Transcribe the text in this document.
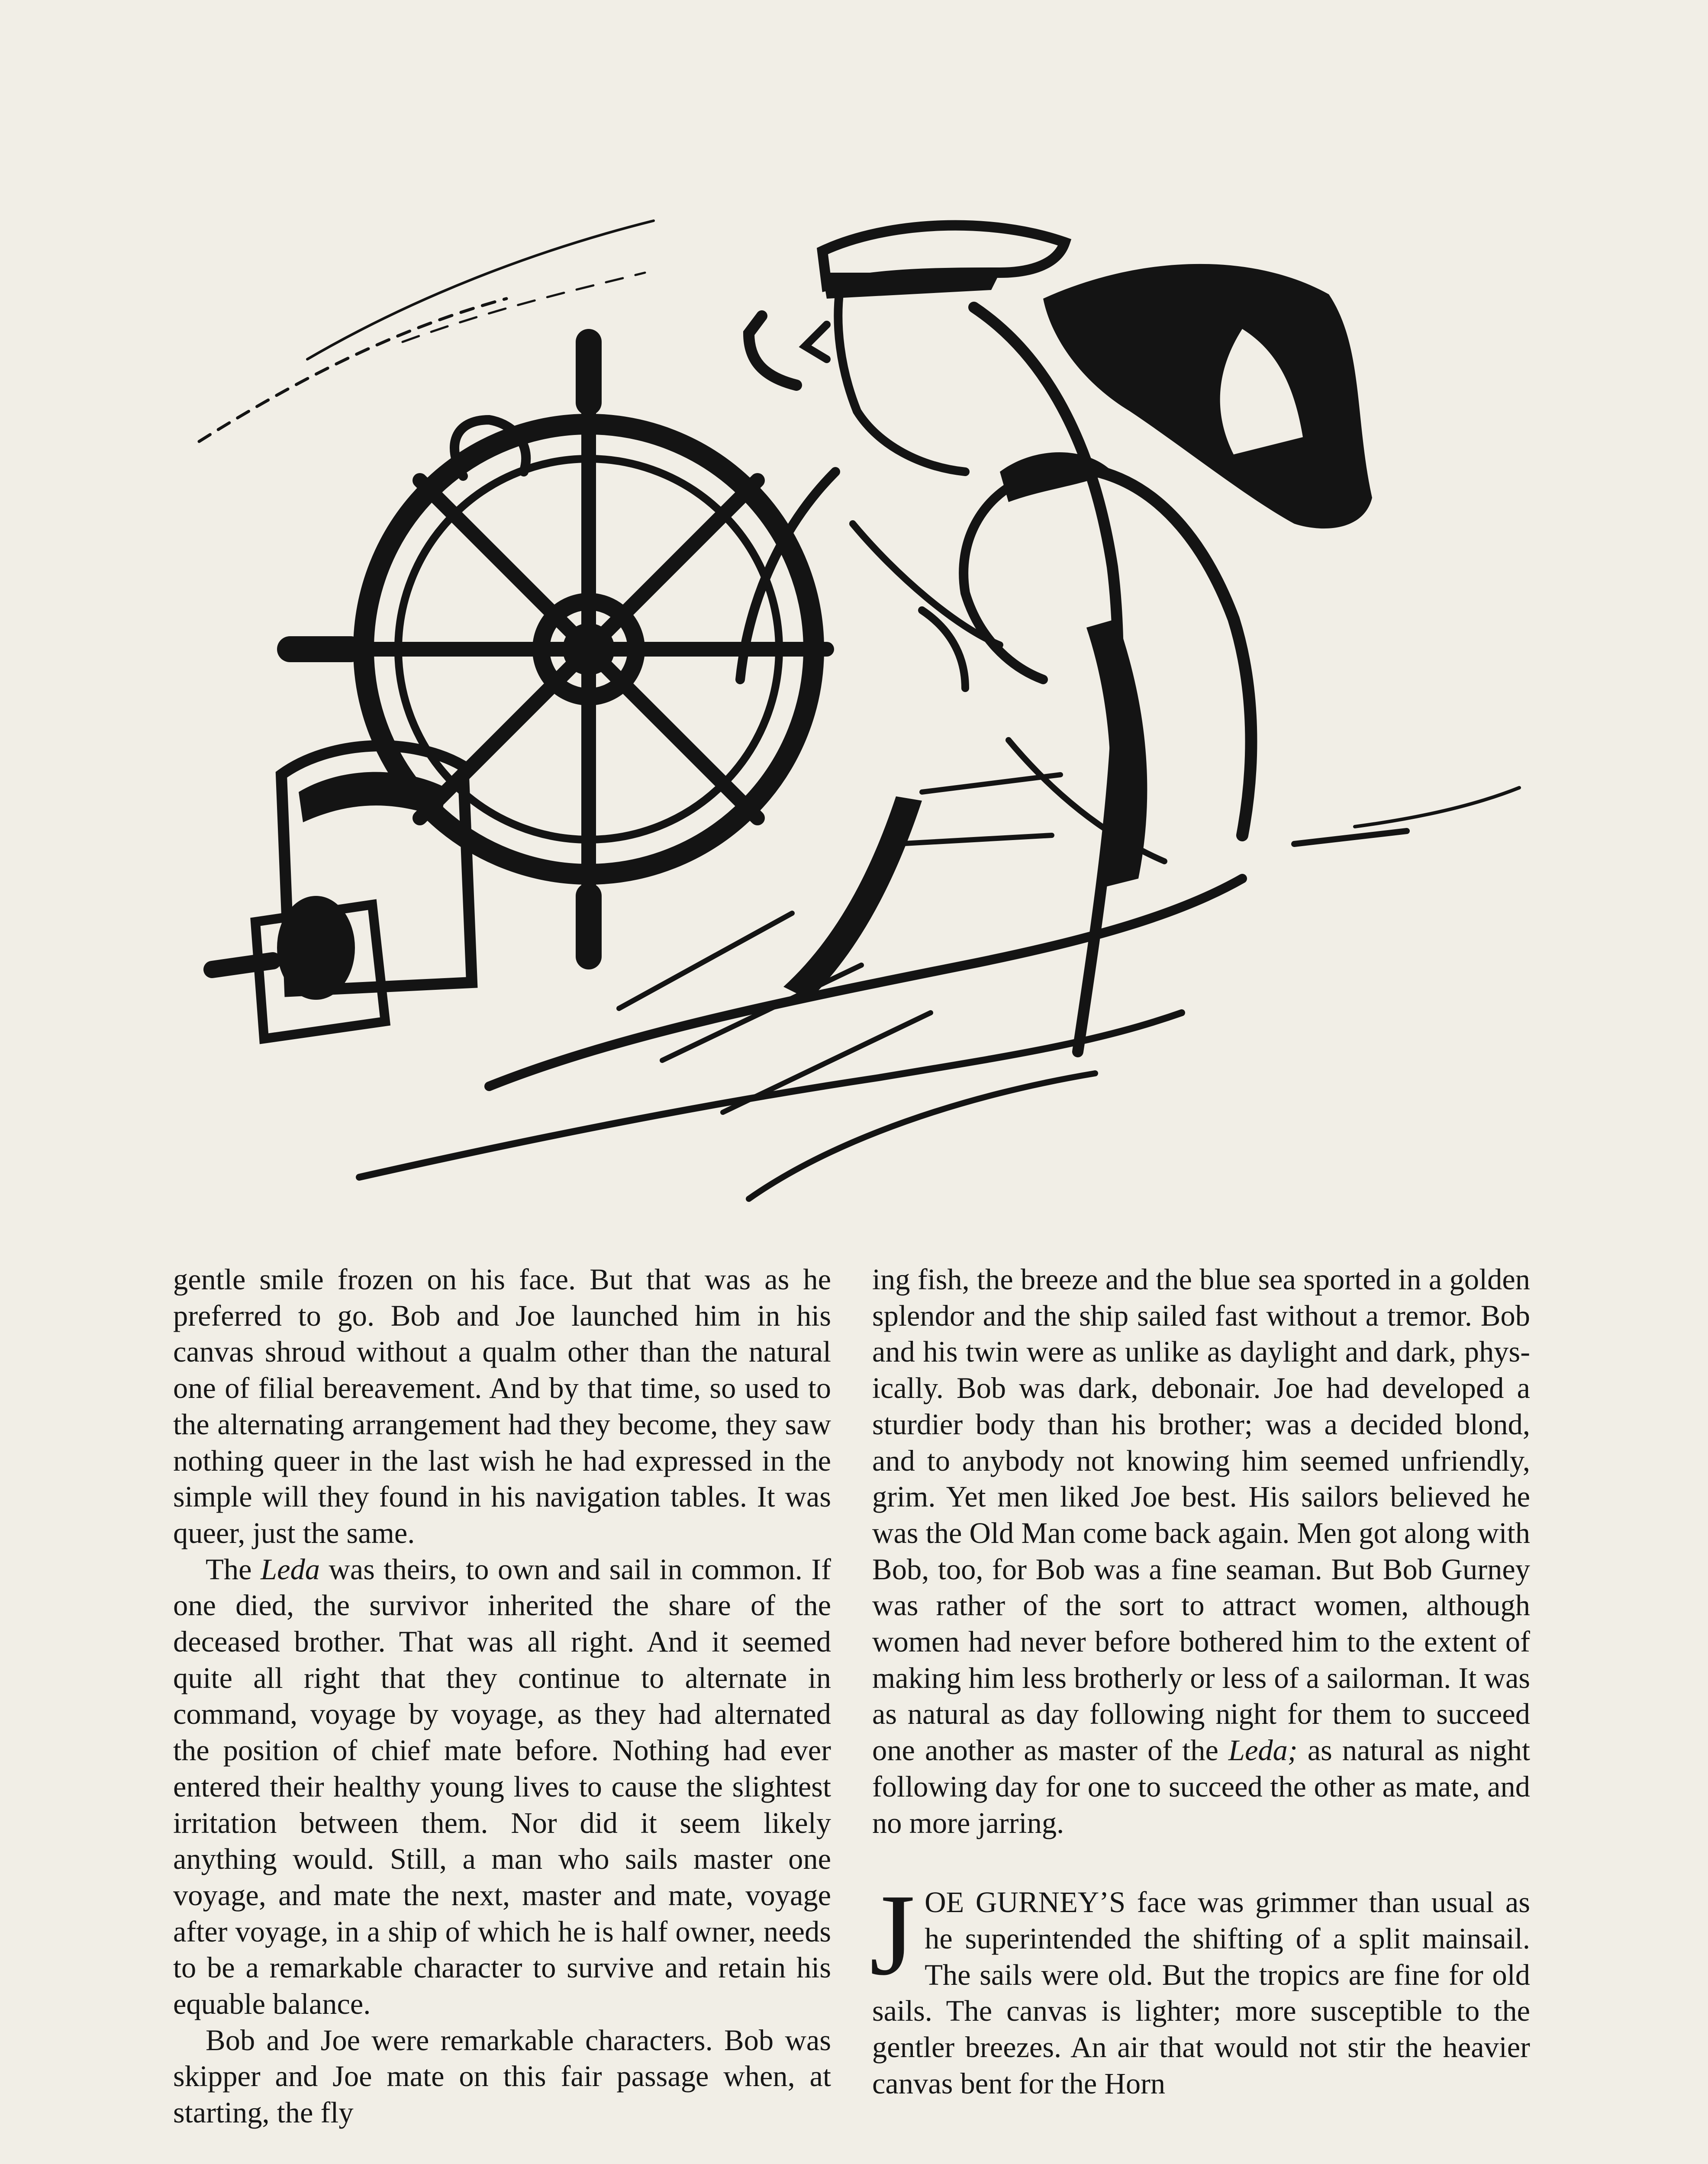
gentle smile frozen on his face. But that was as he preferred to go. Bob and Joe launched him in his canvas shroud without a qualm other than the natural one of filial bereavement. And by that time, so used to the alternating arrangement had they become, they saw nothing queer in the last wish he had expressed in the simple will they found in his navigation tables. It was queer, just the same.

The Leda was theirs, to own and sail in common. If one died, the survivor inherited the share of the deceased brother. That was all right. And it seemed quite all right that they continue to alternate in command, voyage by voyage, as they had alternated the position of chief mate before. Nothing had ever entered their healthy young lives to cause the slightest irritation between them. Nor did it seem likely anything would. Still, a man who sails master one voyage, and mate the next, master and mate, voyage after voyage, in a ship of which he is half owner, needs to be a remarkable character to survive and retain his equable balance.

Bob and Joe were remarkable characters. Bob was skipper and Joe mate on this fair passage when, at starting, the fly

ing fish, the breeze and the blue sea sported in a golden splendor and the ship sailed fast without a tremor. Bob and his twin were as unlike as daylight and dark, physically. Bob was dark, debonair. Joe had developed a sturdier body than his brother; was a decided blond, and to anybody not knowing him seemed unfriendly, grim. Yet men liked Joe best. His sailors believed he was the Old Man come back again. Men got along with Bob, too, for Bob was a fine seaman. But Bob Gurney was rather of the sort to attract women, although women had never before bothered him to the extent of making him less brotherly or less of a sailorman. It was as natural as day following night for them to succeed one another as master of the Leda; as natural as night following day for one to succeed the other as mate, and no more jarring.

JOE GURNEY’S face was grimmer than usual as he superintended the shifting of a split mainsail. The sails were old. But the tropics are fine for old sails. The canvas is lighter; more susceptible to the gentler breezes. An air that would not stir the heavier canvas bent for the Horn
